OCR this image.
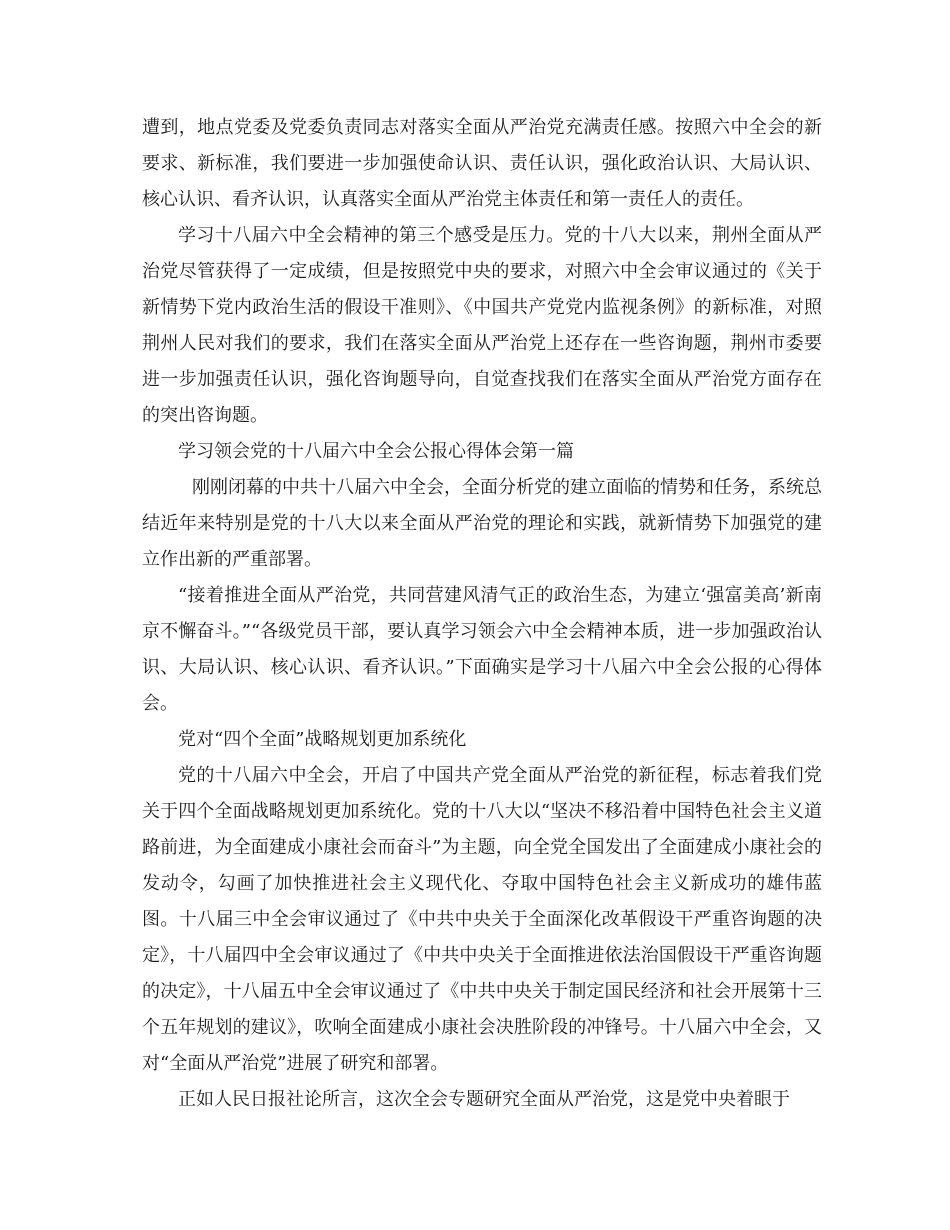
遭到，地点党委及党委负责同志对落实全面从严治党充满责任感。按照六中全会的新要求、新标准，我们要进一步加强使命认识、责任认识，强化政治认识、大局认识、核心认识、看齐认识，认真落实全面从严治党主体责任和第一责任人的责任。

学习十八届六中全会精神的第三个感受是压力。党的十八大以来，荆州全面从严治党尽管获得了一定成绩，但是按照党中央的要求，对照六中全会审议通过的《关于新情势下党内政治生活的假设干准则》、《中国共产党党内监视条例》的新标准，对照荆州人民对我们的要求，我们在落实全面从严治党上还存在一些咨询题，荆州市委要进一步加强责任认识，强化咨询题导向，自觉查找我们在落实全面从严治党方面存在的突出咨询题。

学习领会党的十八届六中全会公报心得体会第一篇

刚刚闭幕的中共十八届六中全会，全面分析党的建立面临的情势和任务，系统总结近年来特别是党的十八大以来全面从严治党的理论和实践，就新情势下加强党的建立作出新的严重部署。

“接着推进全面从严治党，共同营建风清气正的政治生态，为建立‘强富美高’新南京不懈奋斗。”“各级党员干部，要认真学习领会六中全会精神本质，进一步加强政治认识、大局认识、核心认识、看齐认识。”下面确实是学习十八届六中全会公报的心得体会。

党对“四个全面”战略规划更加系统化

党的十八届六中全会，开启了中国共产党全面从严治党的新征程，标志着我们党关于四个全面战略规划更加系统化。党的十八大以“坚决不移沿着中国特色社会主义道路前进，为全面建成小康社会而奋斗”为主题，向全党全国发出了全面建成小康社会的发动令，勾画了加快推进社会主义现代化、夺取中国特色社会主义新成功的雄伟蓝图。十八届三中全会审议通过了《中共中央关于全面深化改革假设干严重咨询题的决定》，十八届四中全会审议通过了《中共中央关于全面推进依法治国假设干严重咨询题的决定》，十八届五中全会审议通过了《中共中央关于制定国民经济和社会开展第十三个五年规划的建议》，吹响全面建成小康社会决胜阶段的冲锋号。十八届六中全会，又对“全面从严治党”进展了研究和部署。

正如人民日报社论所言，这次全会专题研究全面从严治党，这是党中央着眼于
